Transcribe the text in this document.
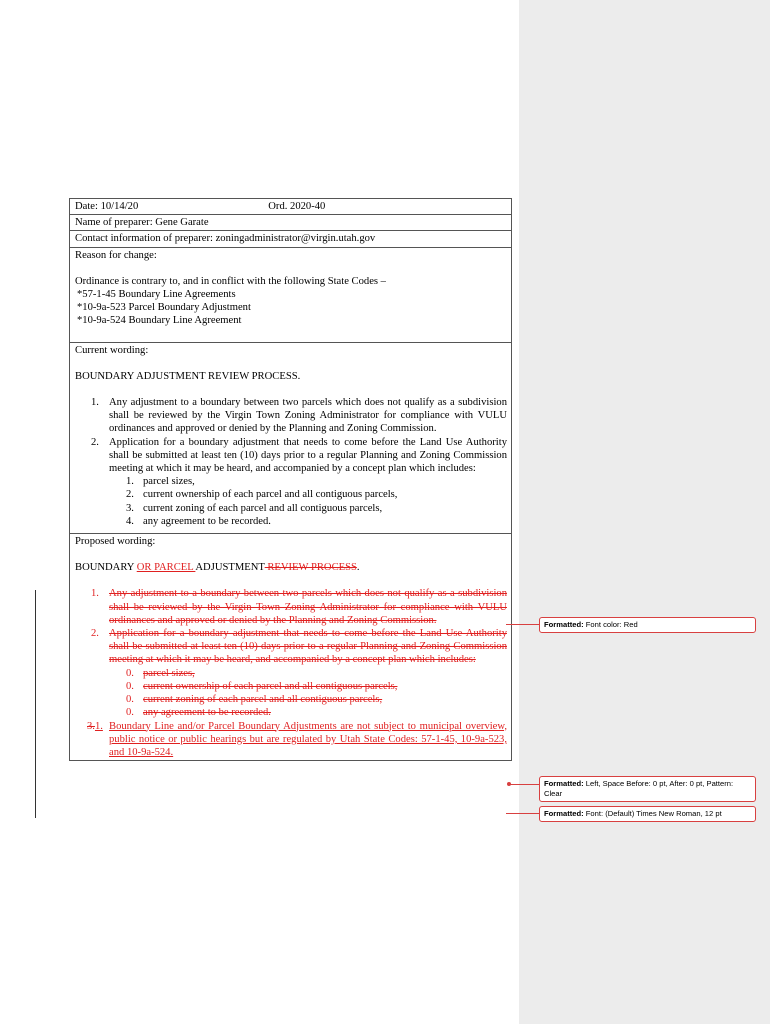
Date: 10/14/20	Ord. 2020-40
Name of preparer: Gene Garate
Contact information of preparer: zoningadministrator@virgin.utah.gov
Reason for change:
Ordinance is contrary to, and in conflict with the following State Codes –
*57-1-45 Boundary Line Agreements
*10-9a-523 Parcel Boundary Adjustment
*10-9a-524 Boundary Line Agreement
Current wording:
BOUNDARY ADJUSTMENT REVIEW PROCESS.
1. Any adjustment to a boundary between two parcels which does not qualify as a subdivision shall be reviewed by the Virgin Town Zoning Administrator for compliance with VULU ordinances and approved or denied by the Planning and Zoning Commission.
2. Application for a boundary adjustment that needs to come before the Land Use Authority shall be submitted at least ten (10) days prior to a regular Planning and Zoning Commission meeting at which it may be heard, and accompanied by a concept plan which includes:
1. parcel sizes,
2. current ownership of each parcel and all contiguous parcels,
3. current zoning of each parcel and all contiguous parcels,
4. any agreement to be recorded.
Proposed wording:
BOUNDARY OR PARCEL ADJUSTMENT REVIEW PROCESS.
1. Any adjustment to a boundary between two parcels which does not qualify as a subdivision shall be reviewed by the Virgin Town Zoning Administrator for compliance with VULU ordinances and approved or denied by the Planning and Zoning Commission.
2. Application for a boundary adjustment that needs to come before the Land Use Authority shall be submitted at least ten (10) days prior to a regular Planning and Zoning Commission meeting at which it may be heard, and accompanied by a concept plan which includes:
0. parcel sizes,
0. current ownership of each parcel and all contiguous parcels,
0. current zoning of each parcel and all contiguous parcels,
0. any agreement to be recorded.
3.1. Boundary Line and/or Parcel Boundary Adjustments are not subject to municipal overview, public notice or public hearings but are regulated by Utah State Codes: 57-1-45, 10-9a-523, and 10-9a-524.
Formatted: Font color: Red
Formatted: Left, Space Before: 0 pt, After: 0 pt, Pattern: Clear
Formatted: Font: (Default) Times New Roman, 12 pt
